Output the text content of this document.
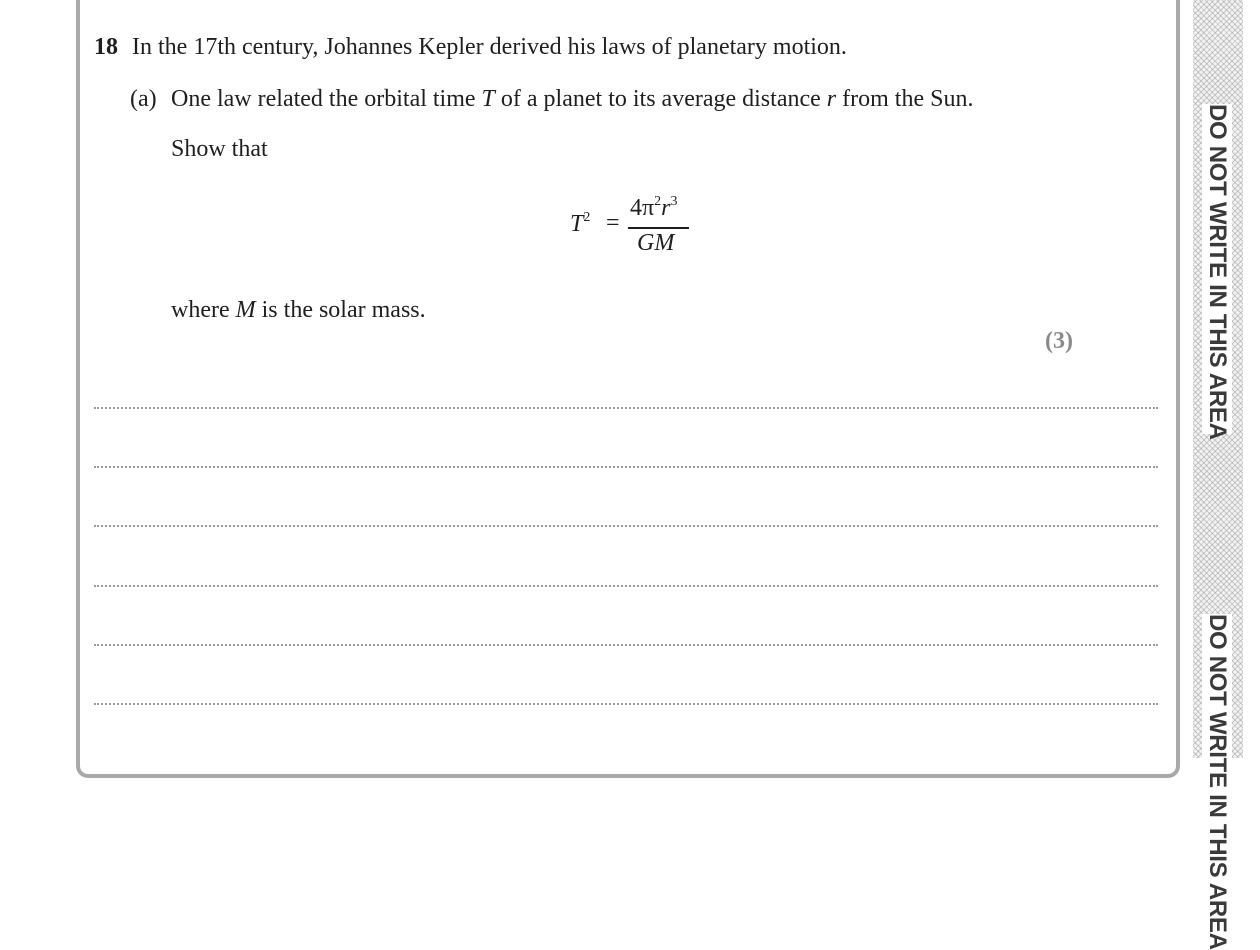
18 In the 17th century, Johannes Kepler derived his laws of planetary motion.
(a) One law related the orbital time T of a planet to its average distance r from the Sun.
Show that
$T^2$ =
$4\pi^2r^3$
GM
where M is the solar mass.
(3)	DO NOT WRITE IN THIS AREA
DO NOT WRITE IN THIS AREA
